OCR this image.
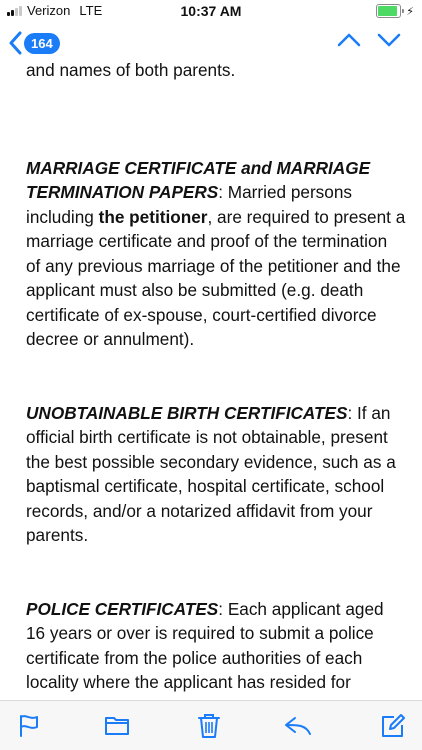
Verizon LTE	10:37 AM	⚡
164

and names of both parents.

MARRIAGE CERTIFICATE and MARRIAGE TERMINATION PAPERS: Married persons including the petitioner, are required to present a marriage certificate and proof of the termination of any previous marriage of the petitioner and the applicant must also be submitted (e.g. death certificate of ex-spouse, court-certified divorce decree or annulment).

UNOBTAINABLE BIRTH CERTIFICATES: If an official birth certificate is not obtainable, present the best possible secondary evidence, such as a baptismal certificate, hospital certificate, school records, and/or a notarized affidavit from your parents.

POLICE CERTIFICATES: Each applicant aged 16 years or over is required to submit a police certificate from the police authorities of each locality where the applicant has resided for
